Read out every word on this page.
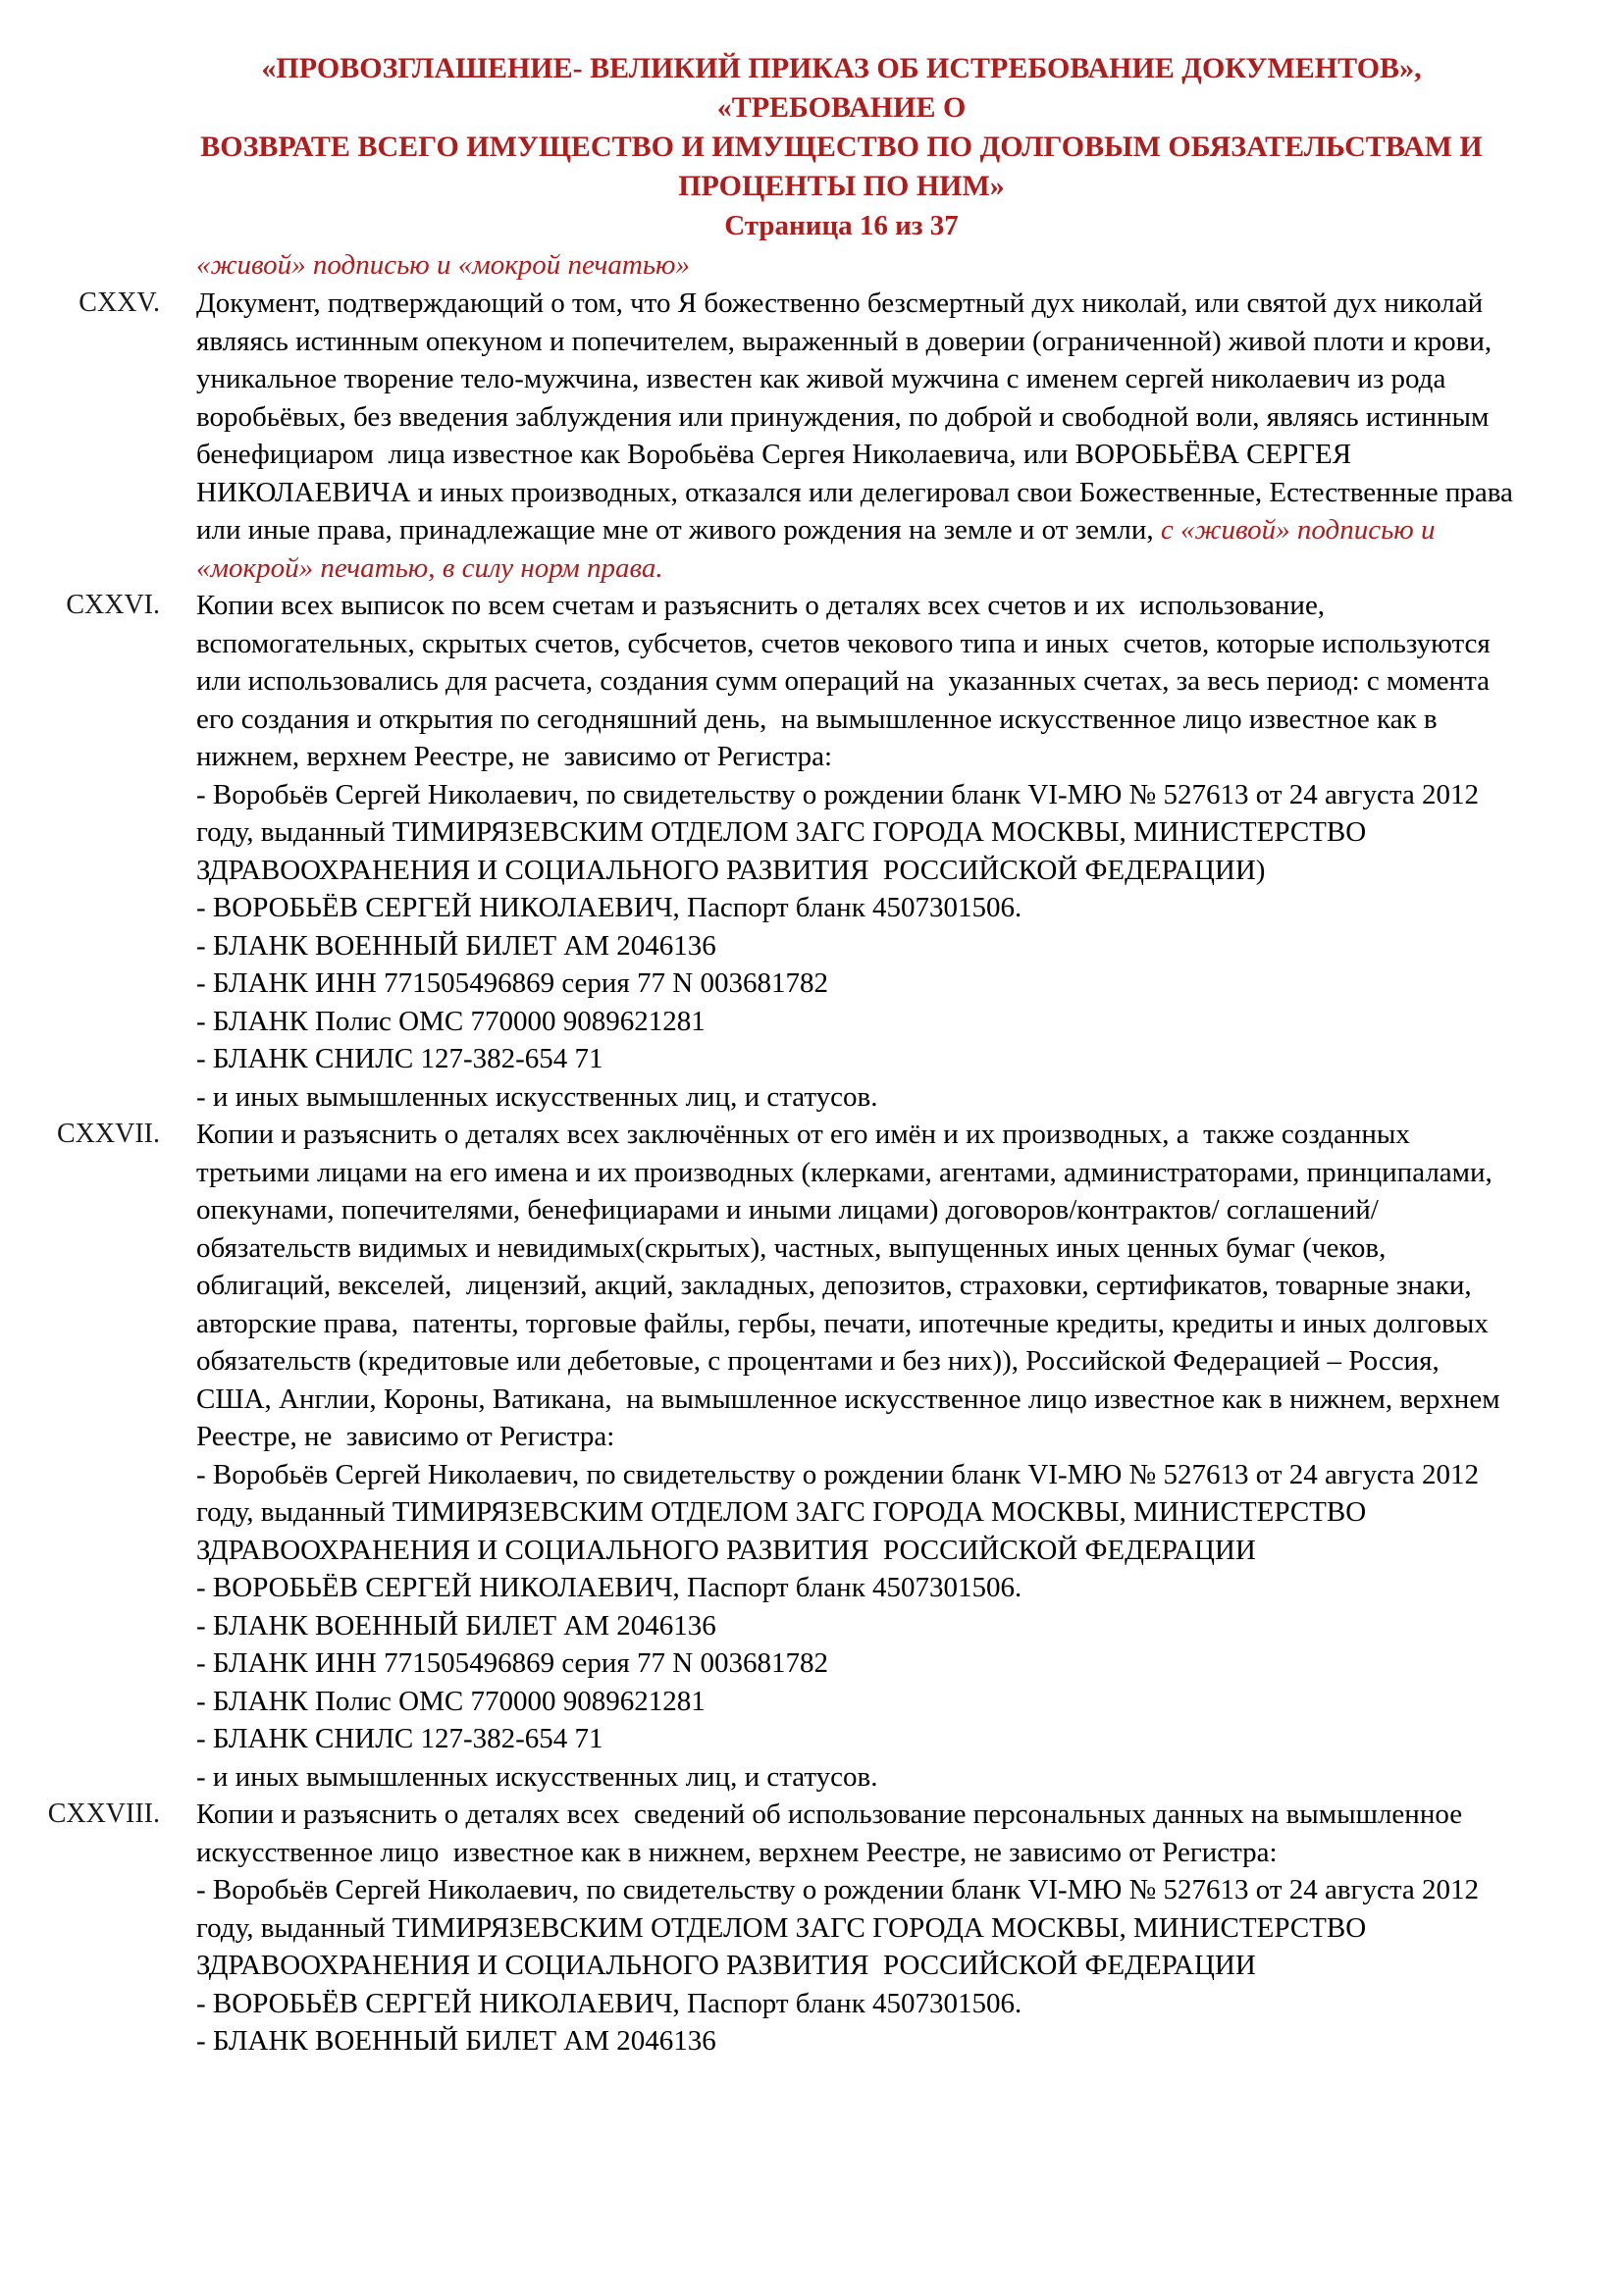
«ПРОВОЗГЛАШЕНИЕ- ВЕЛИКИЙ ПРИКАЗ ОБ ИСТРЕБОВАНИЕ ДОКУМЕНТОВ», «ТРЕБОВАНИЕ О
ВОЗВРАТЕ ВСЕГО ИМУЩЕСТВО И ИМУЩЕСТВО ПО ДОЛГОВЫМ ОБЯЗАТЕЛЬСТВАМ И
ПРОЦЕНТЫ ПО НИМ»
Страница 16 из 37
«живой» подписью и «мокрой печатью»
CXXV. Документ, подтверждающий о том, что Я божественно безсмертный дух николай, или святой дух николай являясь истинным опекуном и попечителем, выраженный в доверии (ограниченной) живой плоти и крови, уникальное творение тело-мужчина, известен как живой мужчина с именем сергей николаевич из рода воробьёвых, без введения заблуждения или принуждения, по доброй и свободной воли, являясь истинным бенефициаром  лица известное как Воробьёва Сергея Николаевича, или ВОРОБЬЁВА СЕРГЕЯ НИКОЛАЕВИЧА и иных производных, отказался или делегировал свои Божественные, Естественные права или иные права, принадлежащие мне от живого рождения на земле и от земли, с «живой» подписью и «мокрой» печатью, в силу норм права.
CXXVI. Копии всех выписок по всем счетам и разъяснить о деталях всех счетов и их  использование, вспомогательных, скрытых счетов, субсчетов, счетов чекового типа и иных  счетов, которые используются или использовались для расчета, создания сумм операций на  указанных счетах, за весь период: с момента его создания и открытия по сегодняшний день,  на вымышленное искусственное лицо известное как в нижнем, верхнем Реестре, не  зависимо от Регистра:
- Воробьёв Сергей Николаевич, по свидетельству о рождении бланк VI-МЮ № 527613 от 24 августа 2012 году, выданный ТИМИРЯЗЕВСКИМ ОТДЕЛОМ ЗАГС ГОРОДА МОСКВЫ, МИНИСТЕРСТВО ЗДРАВООХРАНЕНИЯ И СОЦИАЛЬНОГО РАЗВИТИЯ  РОССИЙСКОЙ ФЕДЕРАЦИИ)
- ВОРОБЬЁВ СЕРГЕЙ НИКОЛАЕВИЧ, Паспорт бланк 4507301506.
- БЛАНК ВОЕННЫЙ БИЛЕТ АМ 2046136
- БЛАНК ИНН 771505496869 серия 77 N 003681782
- БЛАНК Полис ОМС 770000 9089621281
- БЛАНК СНИЛС 127-382-654 71
- и иных вымышленных искусственных лиц, и статусов.
CXXVII. Копии и разъяснить о деталях всех заключённых от его имён и их производных, а  также созданных третьими лицами на его имена и их производных (клерками, агентами, администраторами, принципалами, опекунами, попечителями, бенефициарами и иными лицами) договоров/контрактов/ соглашений/обязательств видимых и невидимых(скрытых), частных, выпущенных иных ценных бумаг (чеков, облигаций, векселей,  лицензий, акций, закладных, депозитов, страховки, сертификатов, товарные знаки, авторские права,  патенты, торговые файлы, гербы, печати, ипотечные кредиты, кредиты и иных долговых  обязательств (кредитовые или дебетовые, с процентами и без них)), Российской Федерацией – Россия, США, Англии, Короны, Ватикана,  на вымышленное искусственное лицо известное как в нижнем, верхнем Реестре, не  зависимо от Регистра:
- Воробьёв Сергей Николаевич, по свидетельству о рождении бланк VI-МЮ № 527613 от 24 августа 2012 году, выданный ТИМИРЯЗЕВСКИМ ОТДЕЛОМ ЗАГС ГОРОДА МОСКВЫ, МИНИСТЕРСТВО ЗДРАВООХРАНЕНИЯ И СОЦИАЛЬНОГО РАЗВИТИЯ  РОССИЙСКОЙ ФЕДЕРАЦИИ
- ВОРОБЬЁВ СЕРГЕЙ НИКОЛАЕВИЧ, Паспорт бланк 4507301506.
- БЛАНК ВОЕННЫЙ БИЛЕТ АМ 2046136
- БЛАНК ИНН 771505496869 серия 77 N 003681782
- БЛАНК Полис ОМС 770000 9089621281
- БЛАНК СНИЛС 127-382-654 71
- и иных вымышленных искусственных лиц, и статусов.
CXXVIII. Копии и разъяснить о деталях всех  сведений об использование персональных данных на вымышленное искусственное лицо  известное как в нижнем, верхнем Реестре, не зависимо от Регистра:
- Воробьёв Сергей Николаевич, по свидетельству о рождении бланк VI-МЮ № 527613 от 24 августа 2012 году, выданный ТИМИРЯЗЕВСКИМ ОТДЕЛОМ ЗАГС ГОРОДА МОСКВЫ, МИНИСТЕРСТВО ЗДРАВООХРАНЕНИЯ И СОЦИАЛЬНОГО РАЗВИТИЯ  РОССИЙСКОЙ ФЕДЕРАЦИИ
- ВОРОБЬЁВ СЕРГЕЙ НИКОЛАЕВИЧ, Паспорт бланк 4507301506.
- БЛАНК ВОЕННЫЙ БИЛЕТ АМ 2046136
